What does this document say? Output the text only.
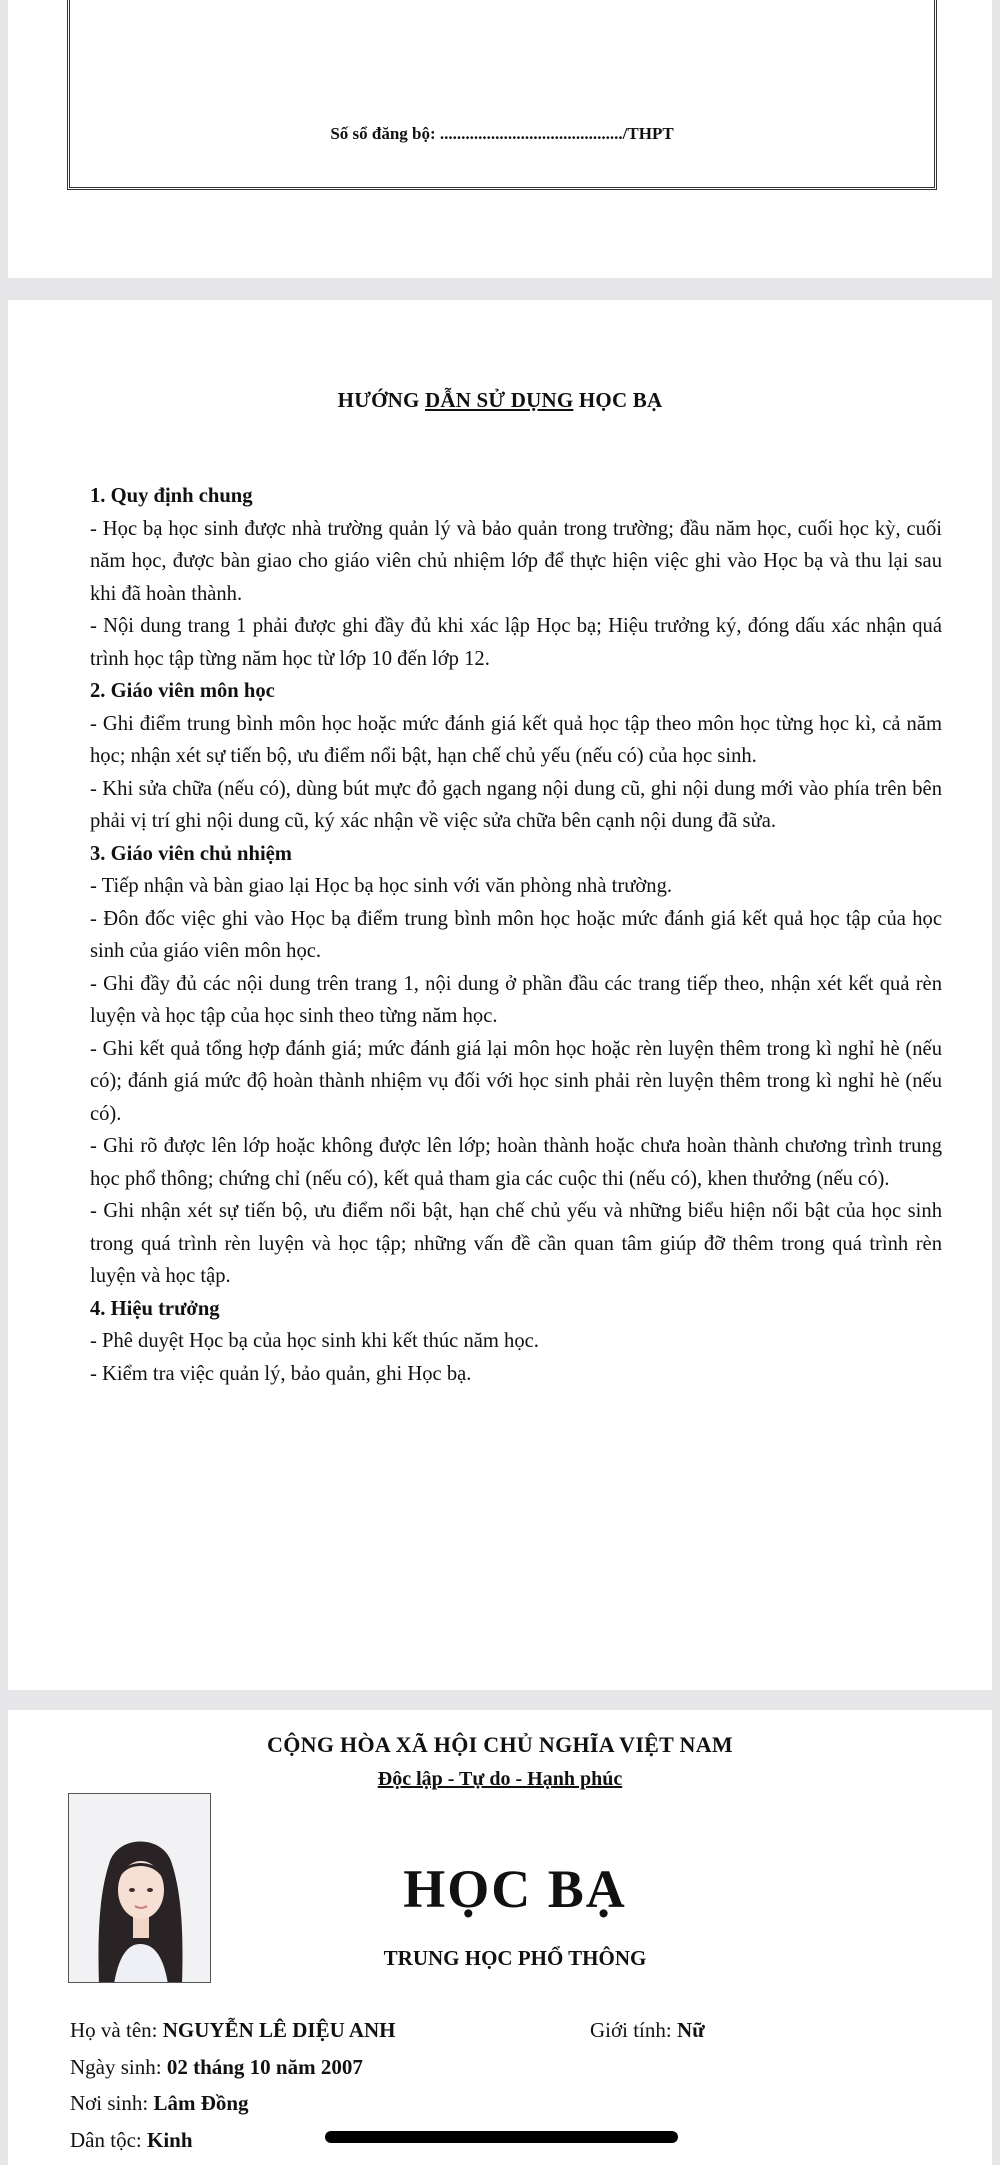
Số sổ đăng bộ: .........................................../THPT
HƯỚNG DẪN SỬ DỤNG HỌC BẠ

1. Quy định chung

- Học bạ học sinh được nhà trường quản lý và bảo quản trong trường; đầu năm học, cuối học kỳ, cuối năm học, được bàn giao cho giáo viên chủ nhiệm lớp để thực hiện việc ghi vào Học bạ và thu lại sau khi đã hoàn thành.

- Nội dung trang 1 phải được ghi đầy đủ khi xác lập Học bạ; Hiệu trưởng ký, đóng dấu xác nhận quá trình học tập từng năm học từ lớp 10 đến lớp 12.

2. Giáo viên môn học

- Ghi điểm trung bình môn học hoặc mức đánh giá kết quả học tập theo môn học từng học kì, cả năm học; nhận xét sự tiến bộ, ưu điểm nổi bật, hạn chế chủ yếu (nếu có) của học sinh.

- Khi sửa chữa (nếu có), dùng bút mực đỏ gạch ngang nội dung cũ, ghi nội dung mới vào phía trên bên phải vị trí ghi nội dung cũ, ký xác nhận về việc sửa chữa bên cạnh nội dung đã sửa.

3. Giáo viên chủ nhiệm

- Tiếp nhận và bàn giao lại Học bạ học sinh với văn phòng nhà trường.

- Đôn đốc việc ghi vào Học bạ điểm trung bình môn học hoặc mức đánh giá kết quả học tập của học sinh của giáo viên môn học.

- Ghi đầy đủ các nội dung trên trang 1, nội dung ở phần đầu các trang tiếp theo, nhận xét kết quả rèn luyện và học tập của học sinh theo từng năm học.

- Ghi kết quả tổng hợp đánh giá; mức đánh giá lại môn học hoặc rèn luyện thêm trong kì nghỉ hè (nếu có); đánh giá mức độ hoàn thành nhiệm vụ đối với học sinh phải rèn luyện thêm trong kì nghỉ hè (nếu có).

- Ghi rõ được lên lớp hoặc không được lên lớp; hoàn thành hoặc chưa hoàn thành chương trình trung học phổ thông; chứng chỉ (nếu có), kết quả tham gia các cuộc thi (nếu có), khen thưởng (nếu có).

- Ghi nhận xét sự tiến bộ, ưu điểm nổi bật, hạn chế chủ yếu và những biểu hiện nổi bật của học sinh trong quá trình rèn luyện và học tập; những vấn đề cần quan tâm giúp đỡ thêm trong quá trình rèn luyện và học tập.

4. Hiệu trưởng

- Phê duyệt Học bạ của học sinh khi kết thúc năm học.

- Kiểm tra việc quản lý, bảo quản, ghi Học bạ.

CỘNG HÒA XÃ HỘI CHỦ NGHĨA VIỆT NAM
Độc lập - Tự do - Hạnh phúc
HỌC BẠ
TRUNG HỌC PHỔ THÔNG
Họ và tên: NGUYỄN LÊ DIỆU ANH	Giới tính: Nữ
Ngày sinh: 02 tháng 10 năm 2007
Nơi sinh: Lâm Đồng
Dân tộc: Kinh
